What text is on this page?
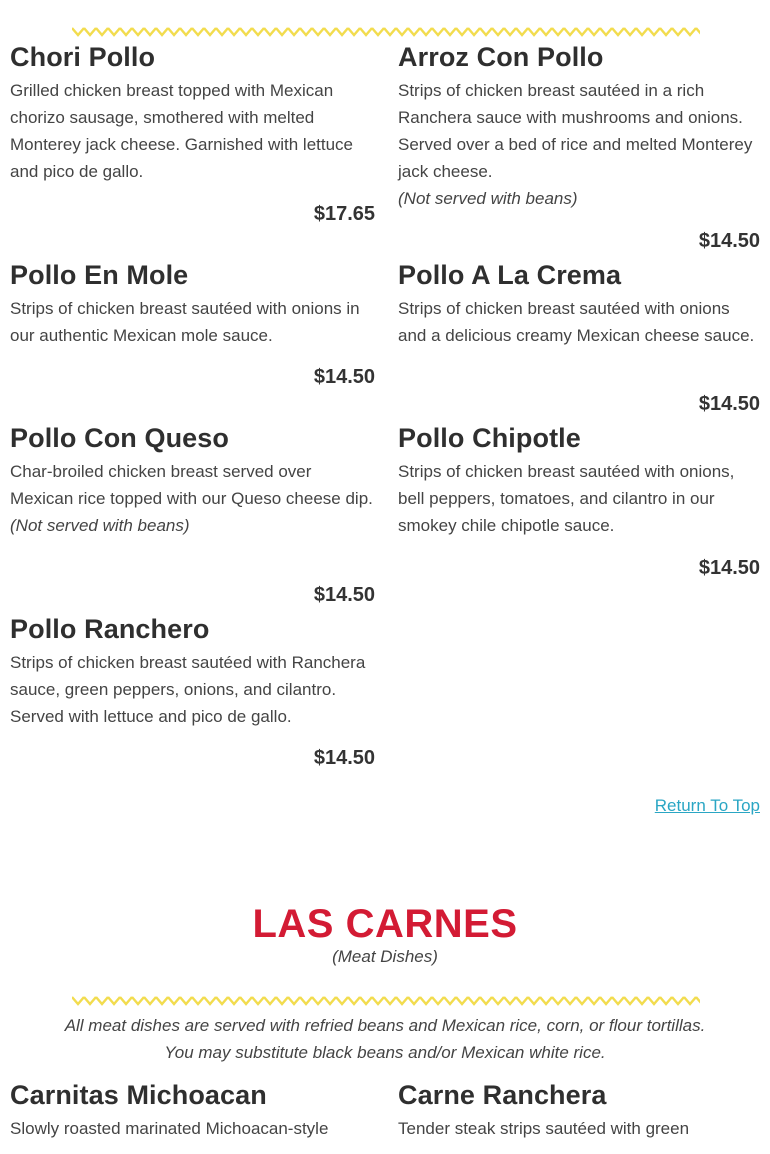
Chori Pollo
Grilled chicken breast topped with Mexican chorizo sausage, smothered with melted Monterey jack cheese. Garnished with lettuce and pico de gallo.
$17.65
Arroz Con Pollo
Strips of chicken breast sautéed in a rich Ranchera sauce with mushrooms and onions. Served over a bed of rice and melted Monterey jack cheese.
(Not served with beans)
$14.50
Pollo En Mole
Strips of chicken breast sautéed with onions in our authentic Mexican mole sauce.
$14.50
Pollo A La Crema
Strips of chicken breast sautéed with onions and a delicious creamy Mexican cheese sauce.
$14.50
Pollo Con Queso
Char-broiled chicken breast served over Mexican rice topped with our Queso cheese dip.
(Not served with beans)
$14.50
Pollo Chipotle
Strips of chicken breast sautéed with onions, bell peppers, tomatoes, and cilantro in our smokey chile chipotle sauce.
$14.50
Pollo Ranchero
Strips of chicken breast sautéed with Ranchera sauce, green peppers, onions, and cilantro. Served with lettuce and pico de gallo.
$14.50
Return To Top
LAS CARNES
(Meat Dishes)
All meat dishes are served with refried beans and Mexican rice, corn, or flour tortillas.
You may substitute black beans and/or Mexican white rice.
Carnitas Michoacan
Slowly roasted marinated Michoacan-style
Carne Ranchera
Tender steak strips sautéed with green
